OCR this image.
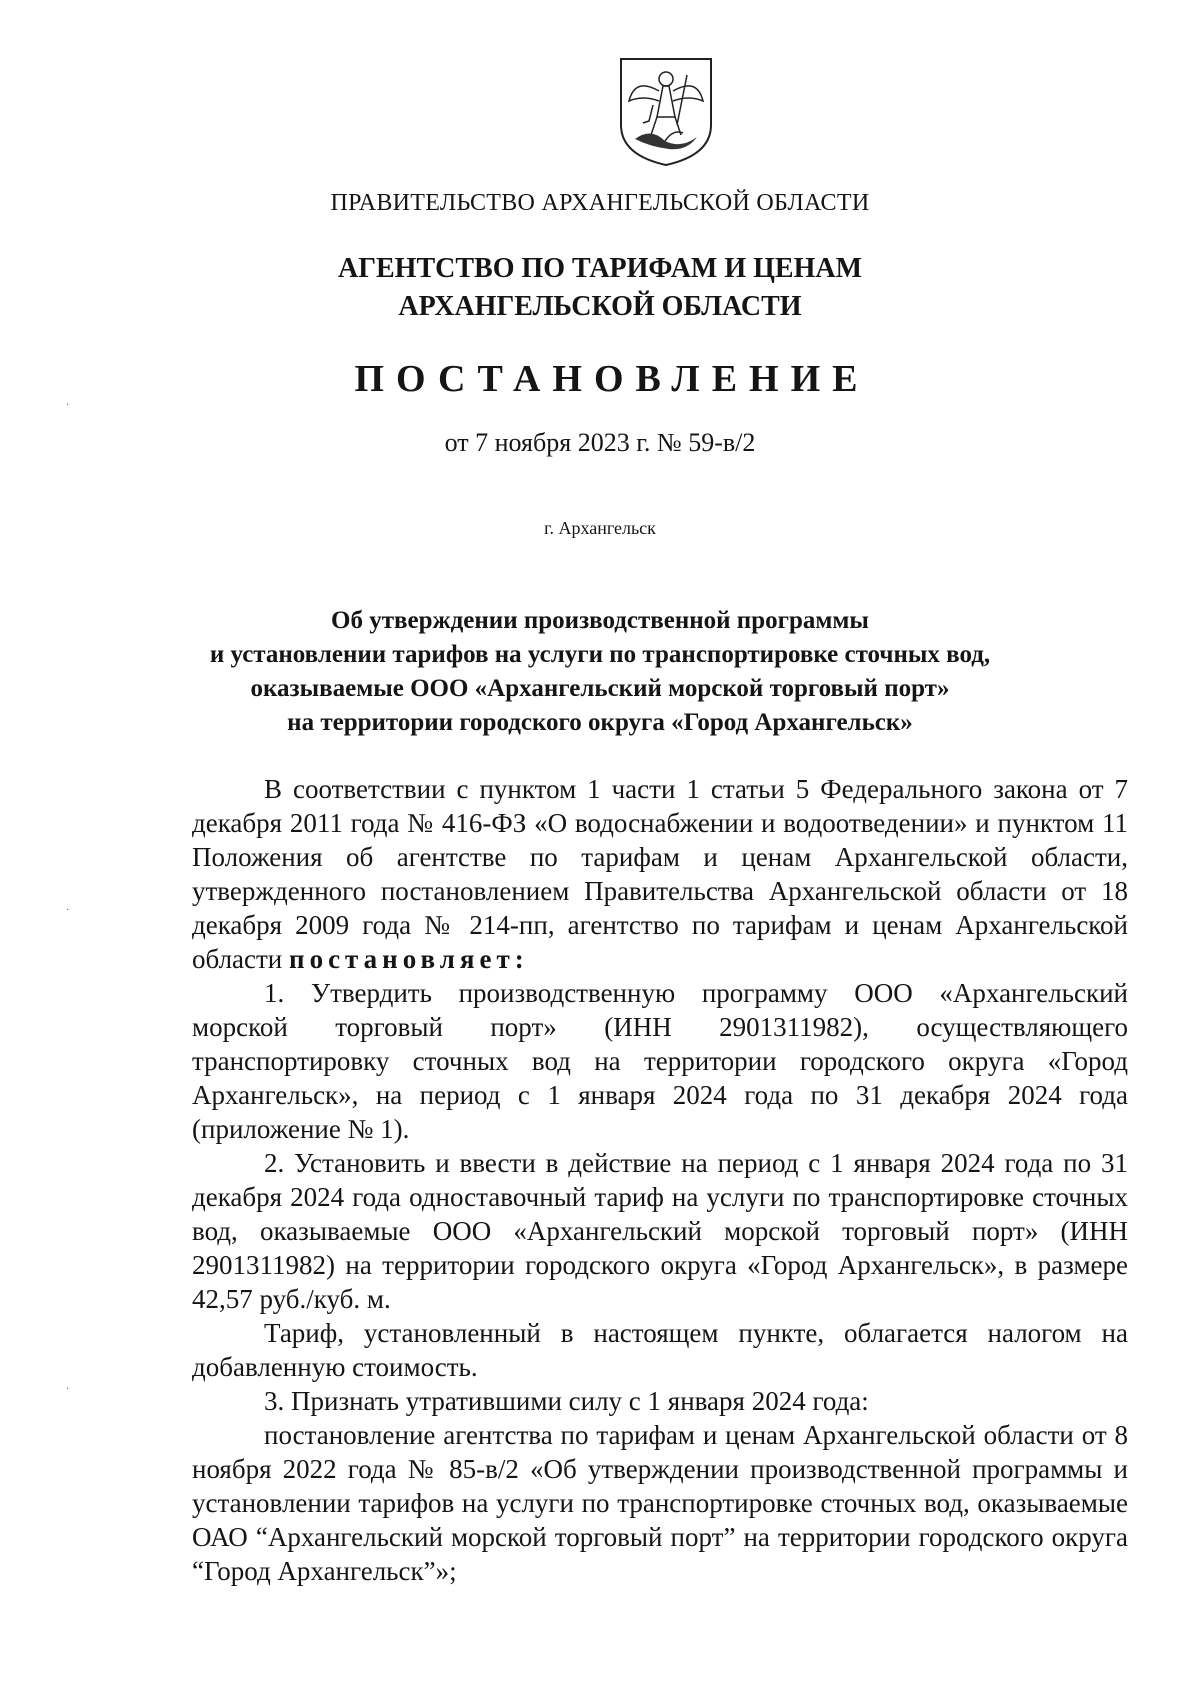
ПРАВИТЕЛЬСТВО АРХАНГЕЛЬСКОЙ ОБЛАСТИ
АГЕНТСТВО ПО ТАРИФАМ И ЦЕНАМ
АРХАНГЕЛЬСКОЙ ОБЛАСТИ
ПОСТАНОВЛЕНИЕ
от 7 ноября 2023 г. № 59-в/2
г. Архангельск
Об утверждении производственной программы
и установлении тарифов на услуги по транспортировке сточных вод,
оказываемые ООО «Архангельский морской торговый порт»
на территории городского округа «Город Архангельск»

В соответствии с пунктом 1 части 1 статьи 5 Федерального закона от 7 декабря 2011 года № 416-ФЗ «О водоснабжении и водоотведении» и пунктом 11 Положения об агентстве по тарифам и ценам Архангельской области, утвержденного постановлением Правительства Архангельской области от 18 декабря 2009 года № 214-пп, агентство по тарифам и ценам Архангельской области постановляет:

1. Утвердить производственную программу ООО «Архангельский морской торговый порт» (ИНН 2901311982), осуществляющего транспортировку сточных вод на территории городского округа «Город Архангельск», на период с 1 января 2024 года по 31 декабря 2024 года (приложение № 1).

2. Установить и ввести в действие на период с 1 января 2024 года по 31 декабря 2024 года одноставочный тариф на услуги по транспортировке сточных вод, оказываемые ООО «Архангельский морской торговый порт» (ИНН 2901311982) на территории городского округа «Город Архангельск», в размере 42,57 руб./куб. м.

Тариф, установленный в настоящем пункте, облагается налогом на добавленную стоимость.

3. Признать утратившими силу с 1 января 2024 года:

постановление агентства по тарифам и ценам Архангельской области от 8 ноября 2022 года № 85-в/2 «Об утверждении производственной программы и установлении тарифов на услуги по транспортировке сточных вод, оказываемые ОАО “Архангельский морской торговый порт” на территории городского округа “Город Архангельск”»;

·
·
·
